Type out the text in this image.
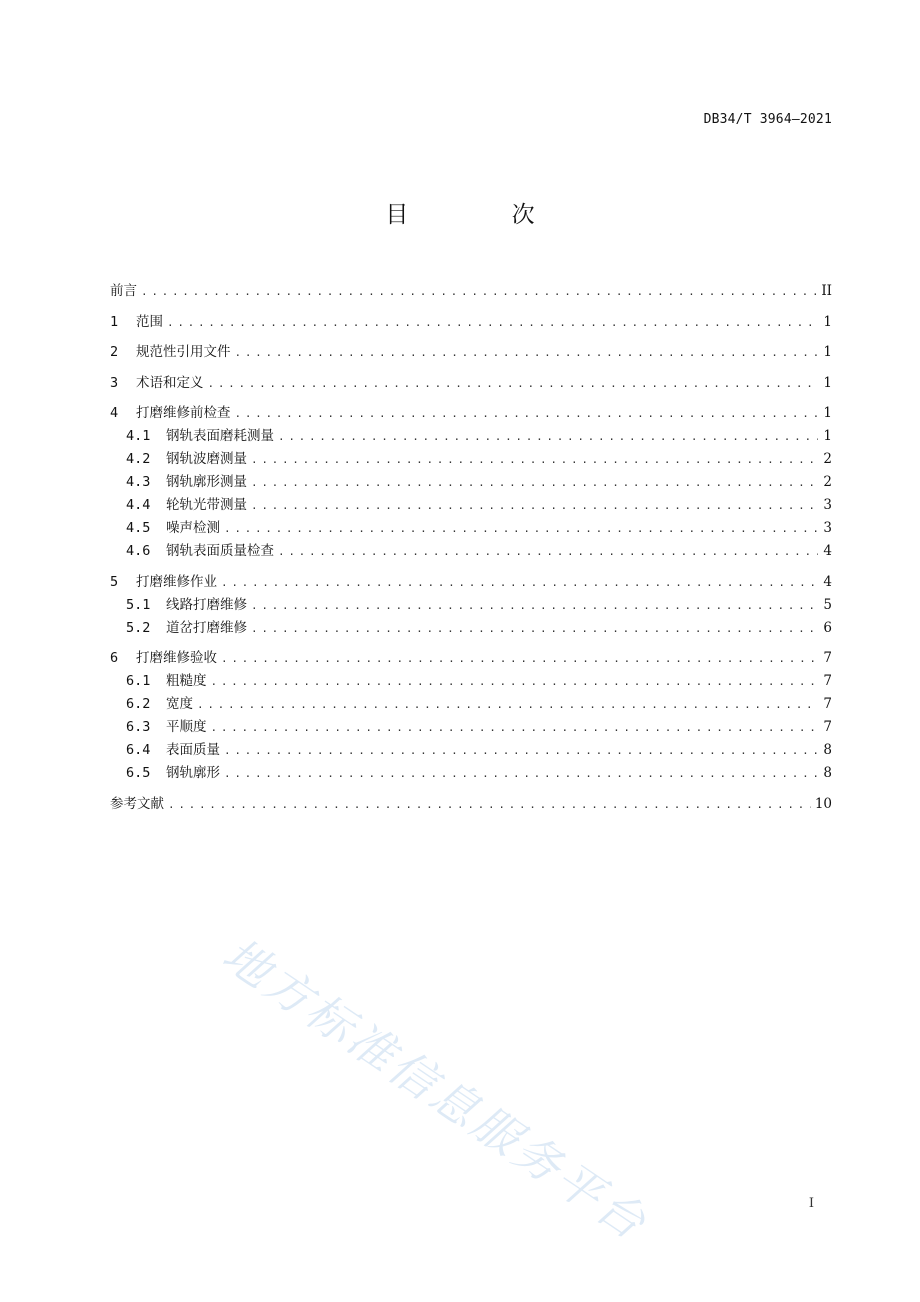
DB34/T 3964—2021
目 次
前言 .....	II
1	范围 .....	1
2	规范性引用文件 .....	1
3	术语和定义 .....	1
4	打磨维修前检查 .....	1
4.1	钢轨表面磨耗测量 .....	1
4.2	钢轨波磨测量 .....	2
4.3	钢轨廓形测量 .....	2
4.4	轮轨光带测量 .....	3
4.5	噪声检测 .....	3
4.6	钢轨表面质量检查 .....	4
5	打磨维修作业 .....	4
5.1	线路打磨维修 .....	5
5.2	道岔打磨维修 .....	6
6	打磨维修验收 .....	7
6.1	粗糙度 .....	7
6.2	宽度 .....	7
6.3	平顺度 .....	7
6.4	表面质量 .....	8
6.5	钢轨廓形 .....	8
参考文献 .....	10
地方标准信息服务平台	I
